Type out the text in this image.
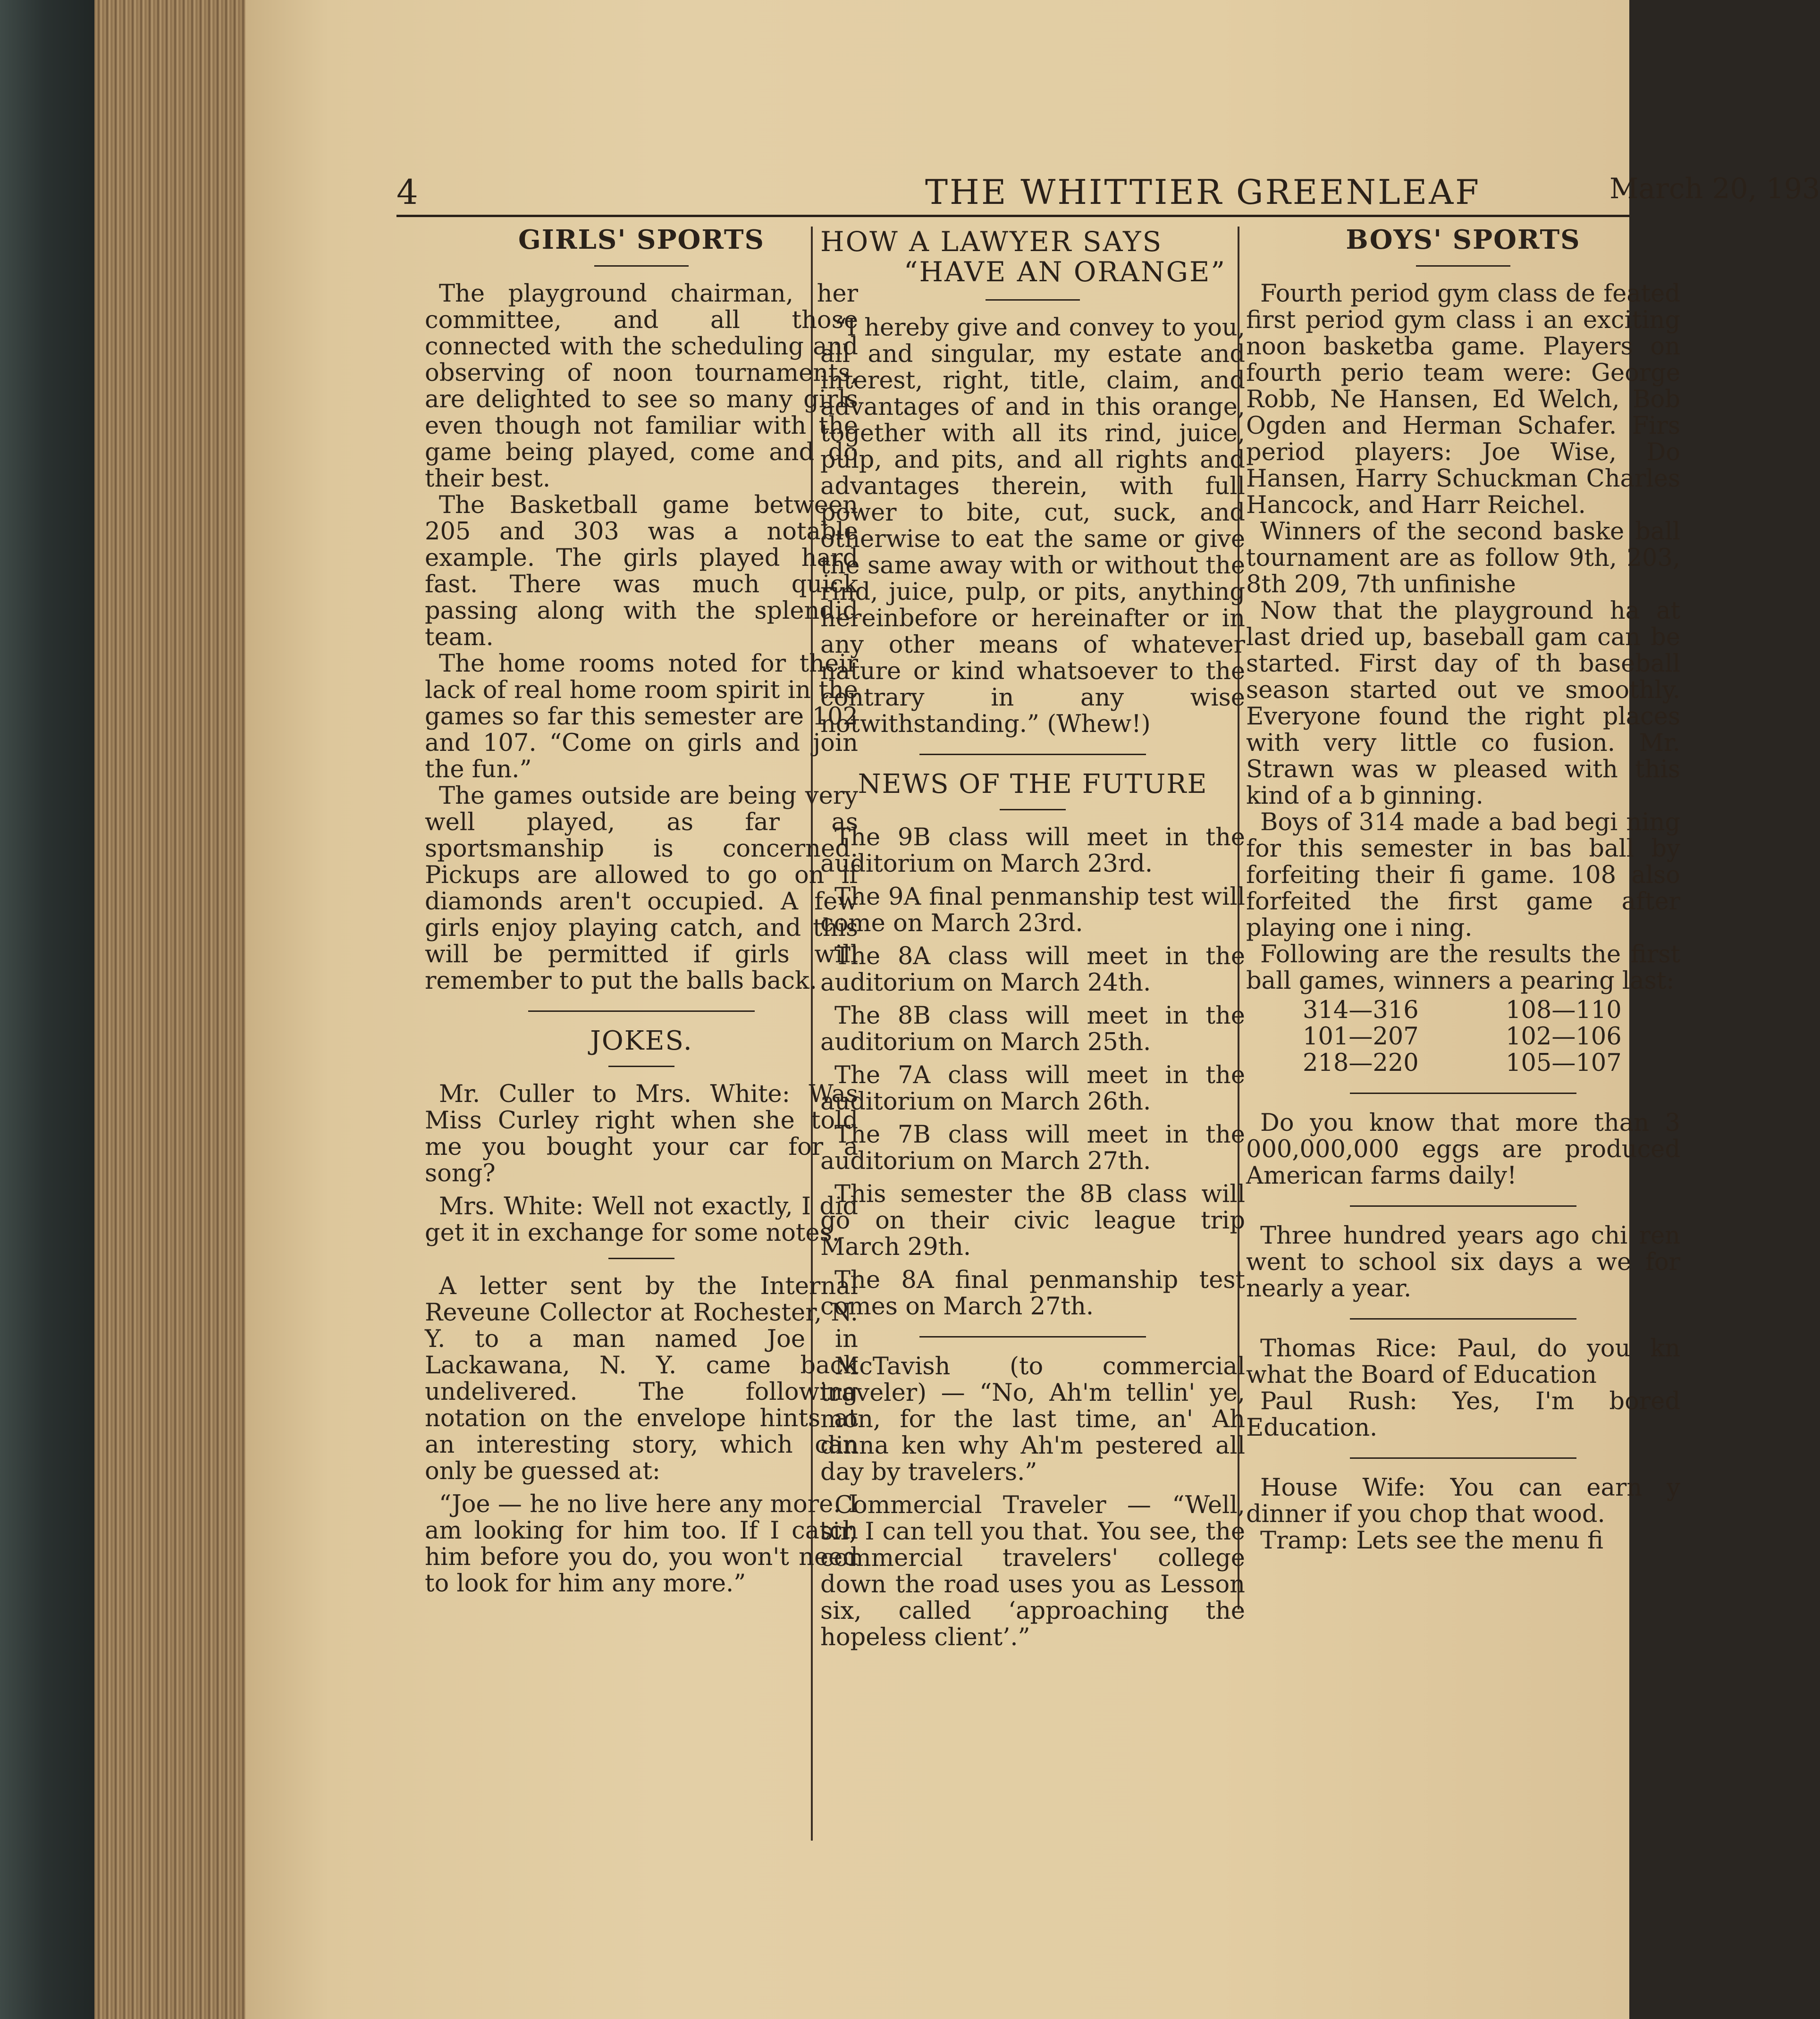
4	THE WHITTIER GREENLEAF	March 20, 193
GIRLS' SPORTS

The playground chairman, her committee, and all those connected with the scheduling and observing of noon tournaments, are delighted to see so many girls even though not familiar with the game being played, come and do their best.

The Basketball game between 205 and 303 was a notable example. The girls played hard fast. There was much quick passing along with the splendid team.

The home rooms noted for their lack of real home room spirit in the games so far this semester are 102 and 107. “Come on girls and join the fun.”

The games outside are being very well played, as far as sportsmanship is concerned. Pickups are allowed to go on if diamonds aren't occupied. A few girls enjoy playing catch, and this will be permitted if girls will remember to put the balls back.

JOKES.

Mr. Culler to Mrs. White: Was Miss Curley right when she told me you bought your car for a song?

Mrs. White: Well not exactly, I did get it in exchange for some notes.

A letter sent by the Internal Reveune Collector at Rochester, N. Y. to a man named Joe in Lackawana, N. Y. came back undelivered. The following notation on the envelope hints at an interesting story, which can only be guessed at:

“Joe — he no live here any more. I am looking for him too. If I catch him before you do, you won't need to look for him any more.”

HOW A LAWYER SAYS
“HAVE AN ORANGE”

“I hereby give and convey to you, all and singular, my estate and interest, right, title, claim, and advantages of and in this orange, together with all its rind, juice, pulp, and pits, and all rights and advantages therein, with full power to bite, cut, suck, and otherwise to eat the same or give the same away with or without the rind, juice, pulp, or pits, anything hereinbefore or hereinafter or in any other means of whatever nature or kind whatsoever to the contrary in any wise notwithstanding.” (Whew!)

NEWS OF THE FUTURE

The 9B class will meet in the auditorium on March 23rd.

The 9A final penmanship test will come on March 23rd.

The 8A class will meet in the auditorium on March 24th.

The 8B class will meet in the auditorium on March 25th.

The 7A class will meet in the auditorium on March 26th.

The 7B class will meet in the auditorium on March 27th.

This semester the 8B class will go on their civic league trip March 29th.

The 8A final penmanship test comes on March 27th.

McTavish (to commercial traveler) — “No, Ah'm tellin' ye, mon, for the last time, an' Ah dinna ken why Ah'm pestered all day by travelers.”

Commercial Traveler — “Well, sir, I can tell you that. You see, the commercial travelers' college down the road uses you as Lesson six, called ‘approaching the hopeless client’.”

BOYS' SPORTS

Fourth period gym class de feated first period gym class i an exciting noon basketba game. Players on fourth perio team were: George Robb, Ne Hansen, Ed Welch, Bob Ogden and Herman Schafer. Firs period players: Joe Wise, Do Hansen, Harry Schuckman Charles Hancock, and Harr Reichel.

Winners of the second baske ball tournament are as follow 9th, 203, 8th 209, 7th unfinishe

Now that the playground ha at last dried up, baseball gam can be started. First day of th baseball season started out ve smoothly. Everyone found the right places with very little co fusion. Mr. Strawn was w pleased with this kind of a b ginning.

Boys of 314 made a bad begi ning for this semester in bas ball by forfeiting their fi game. 108 also forfeited the first game after playing one i ning.

Following are the results the first ball games, winners a pearing last:

314—316	108—110
101—207	102—106
218—220	105—107

Do you know that more than 3 000,000,000 eggs are produced American farms daily!

Three hundred years ago chi ren went to school six days a we for nearly a year.

Thomas Rice: Paul, do you kn what the Board of Education

Paul Rush: Yes, I'm bored Education.

House Wife: You can earn y dinner if you chop that wood.

Tramp: Lets see the menu fi
